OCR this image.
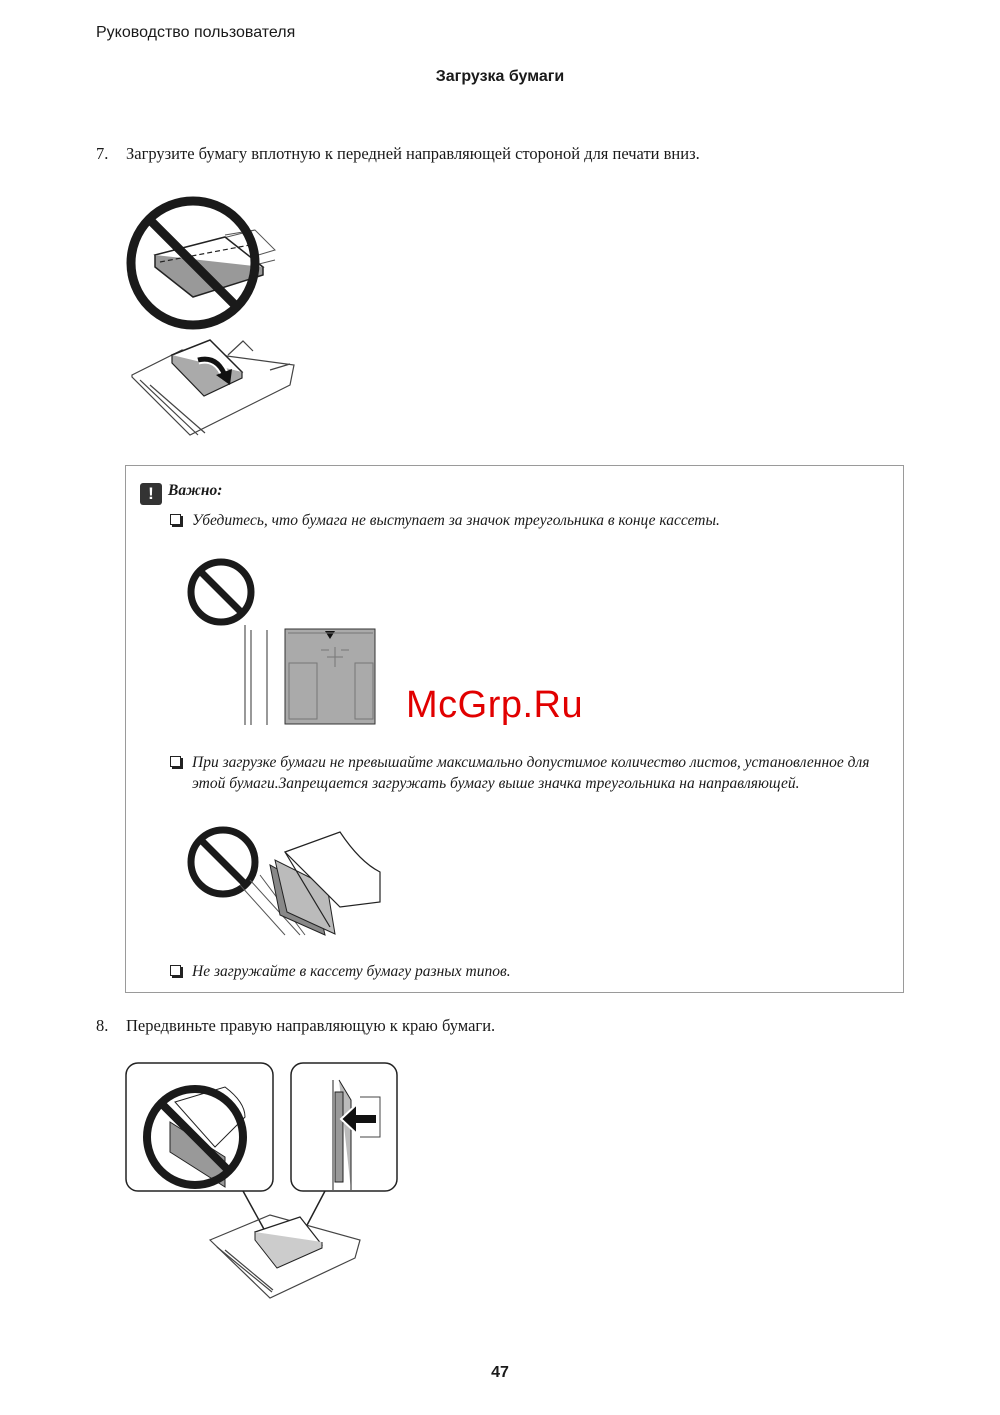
Руководство пользователя
Загрузка бумаги
7. Загрузите бумагу вплотную к передней направляющей стороной для печати вниз.
! Важно:
Убедитесь, что бумага не выступает за значок треугольника в конце кассеты.
McGrp.Ru
При загрузке бумаги не превышайте максимально допустимое количество листов, установленное для этой бумаги.Запрещается загружать бумагу выше значка треугольника на направляющей.
Не загружайте в кассету бумагу разных типов.
8. Передвиньте правую направляющую к краю бумаги.
47
